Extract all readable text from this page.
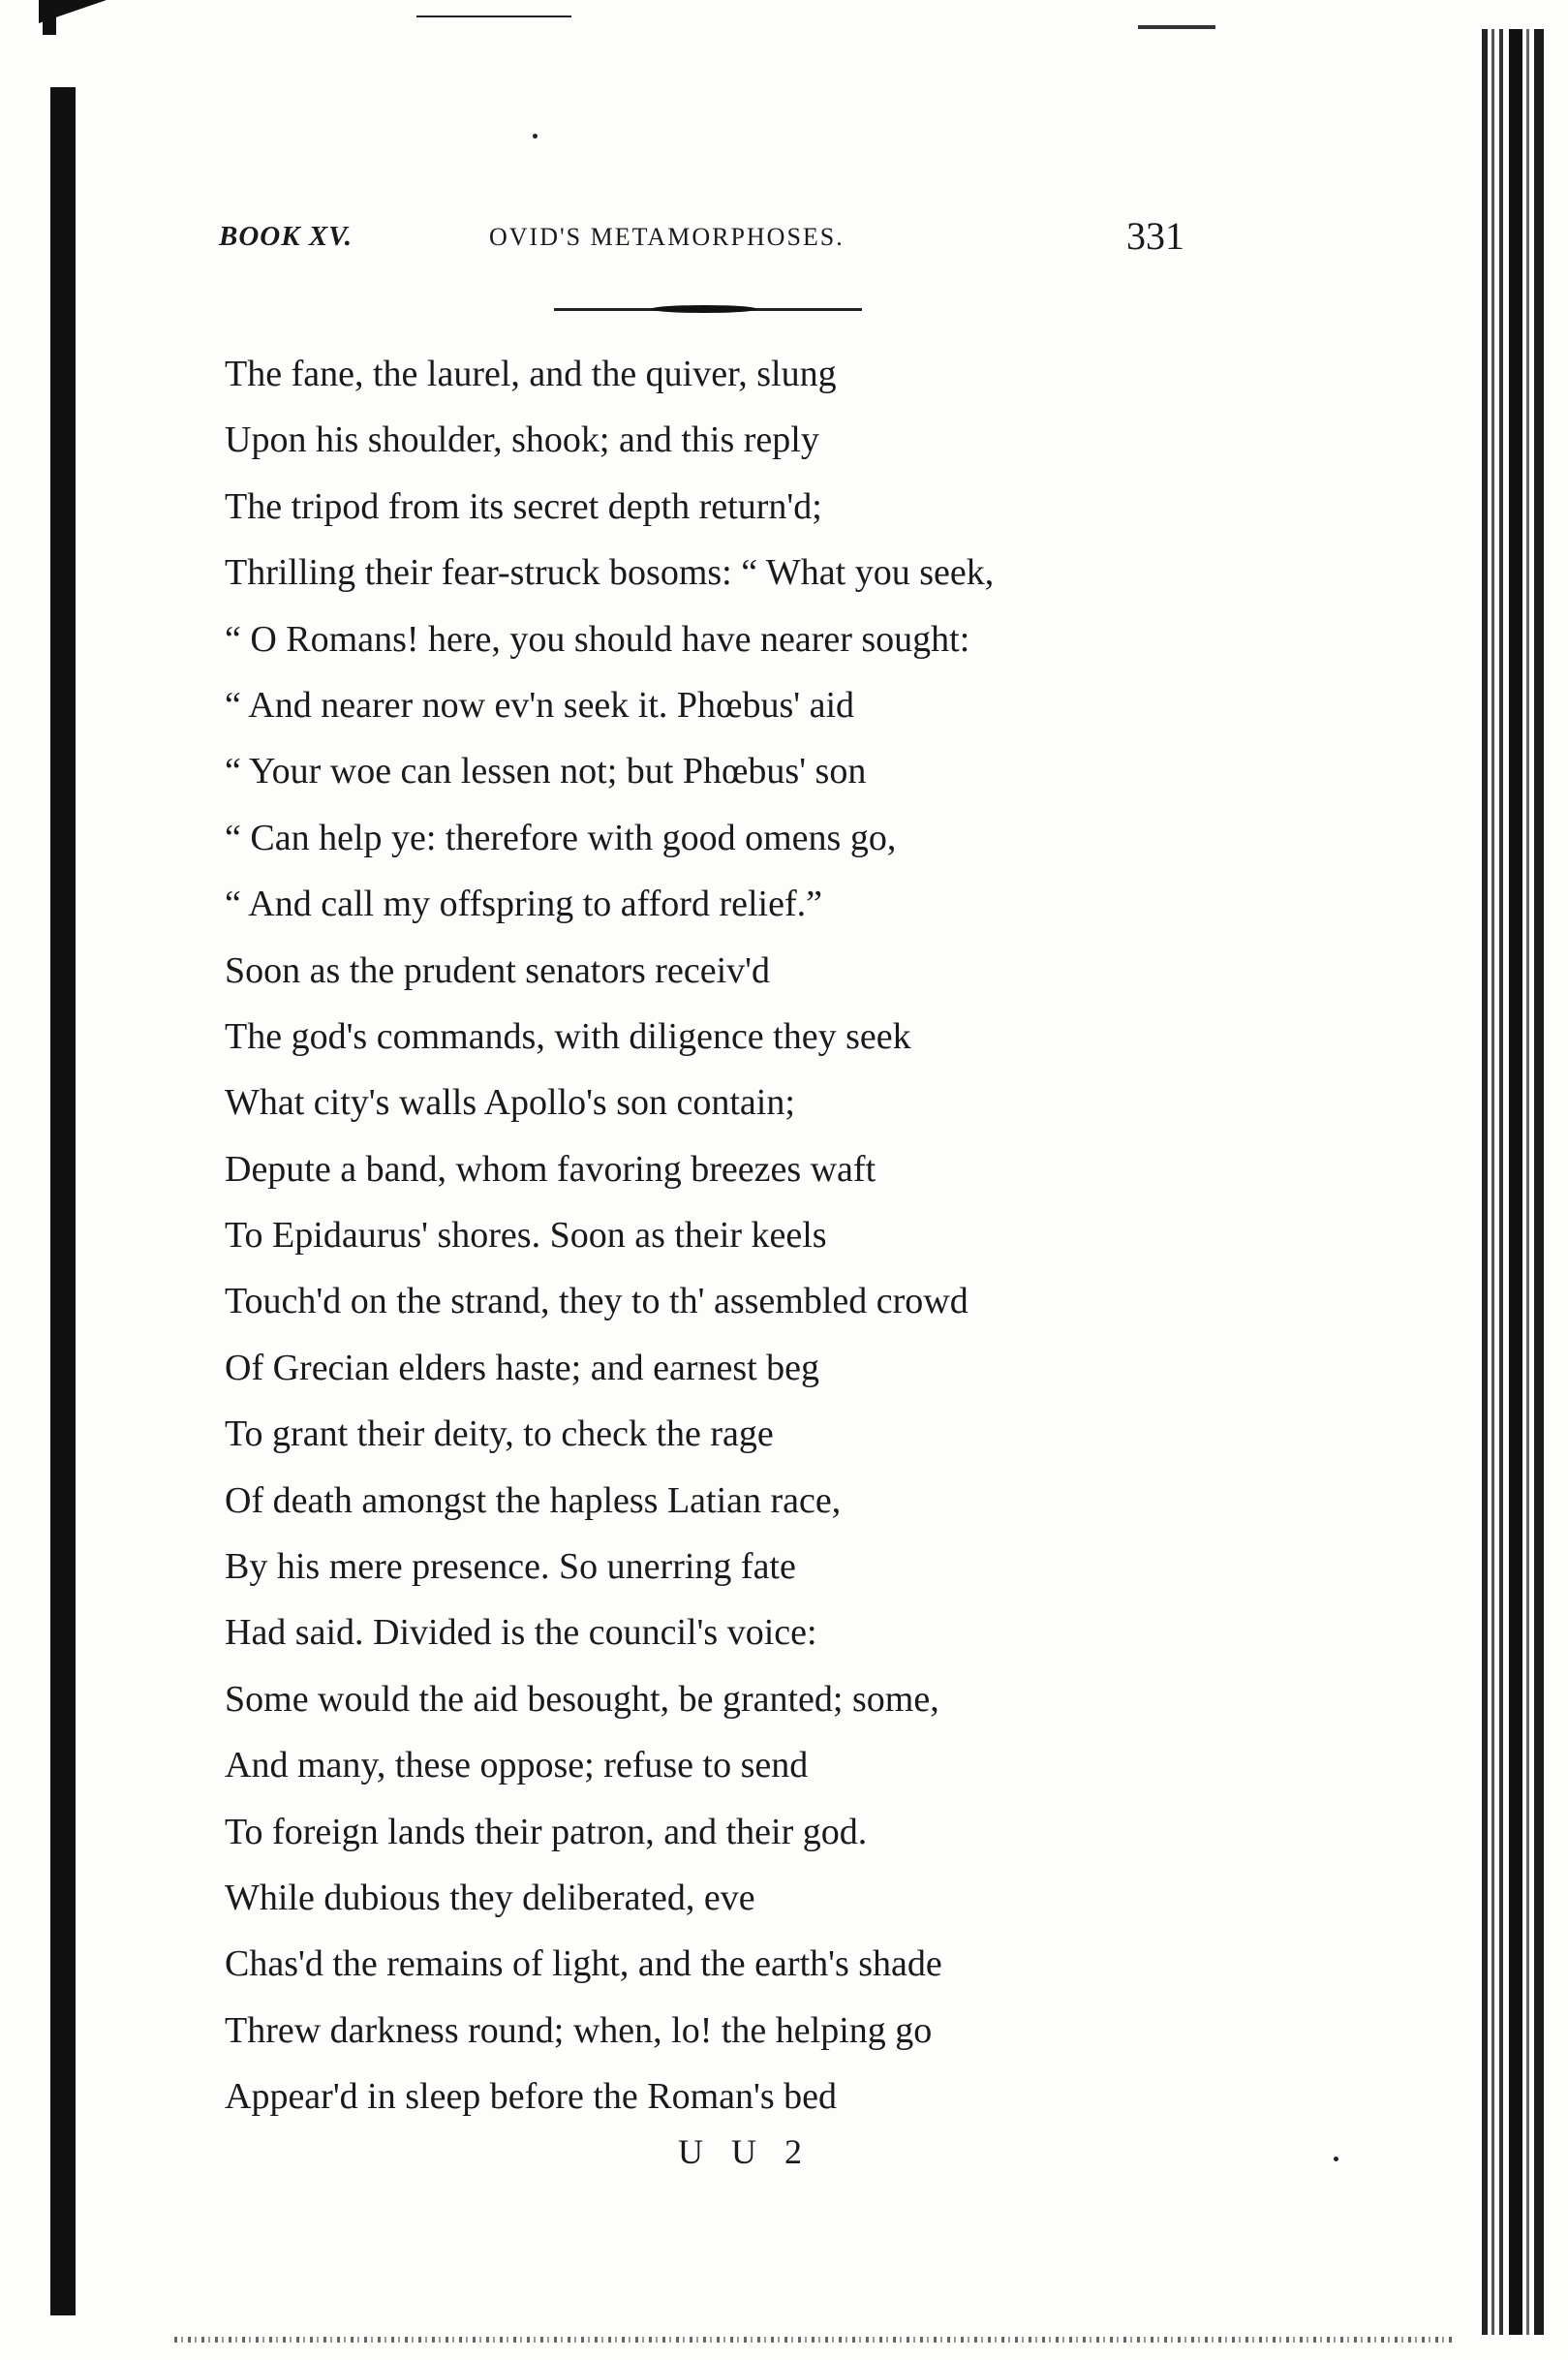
BOOK XV.	OVID'S METAMORPHOSES.	331
The fane, the laurel, and the quiver, slung
Upon his shoulder, shook; and this reply
The tripod from its secret depth return'd;
Thrilling their fear-struck bosoms: “ What you seek,
“ O Romans! here, you should have nearer sought:
“ And nearer now ev'n seek it. Phœbus' aid
“ Your woe can lessen not; but Phœbus' son
“ Can help ye: therefore with good omens go,
“ And call my offspring to afford relief.”
Soon as the prudent senators receiv'd
The god's commands, with diligence they seek
What city's walls Apollo's son contain;
Depute a band, whom favoring breezes waft
To Epidaurus' shores. Soon as their keels
Touch'd on the strand, they to th' assembled crowd
Of Grecian elders haste; and earnest beg
To grant their deity, to check the rage
Of death amongst the hapless Latian race,
By his mere presence. So unerring fate
Had said. Divided is the council's voice:
Some would the aid besought, be granted; some,
And many, these oppose; refuse to send
To foreign lands their patron, and their god.
While dubious they deliberated, eve
Chas'd the remains of light, and the earth's shade
Threw darkness round; when, lo! the helping go
Appear'd in sleep before the Roman's bed
U U 2
